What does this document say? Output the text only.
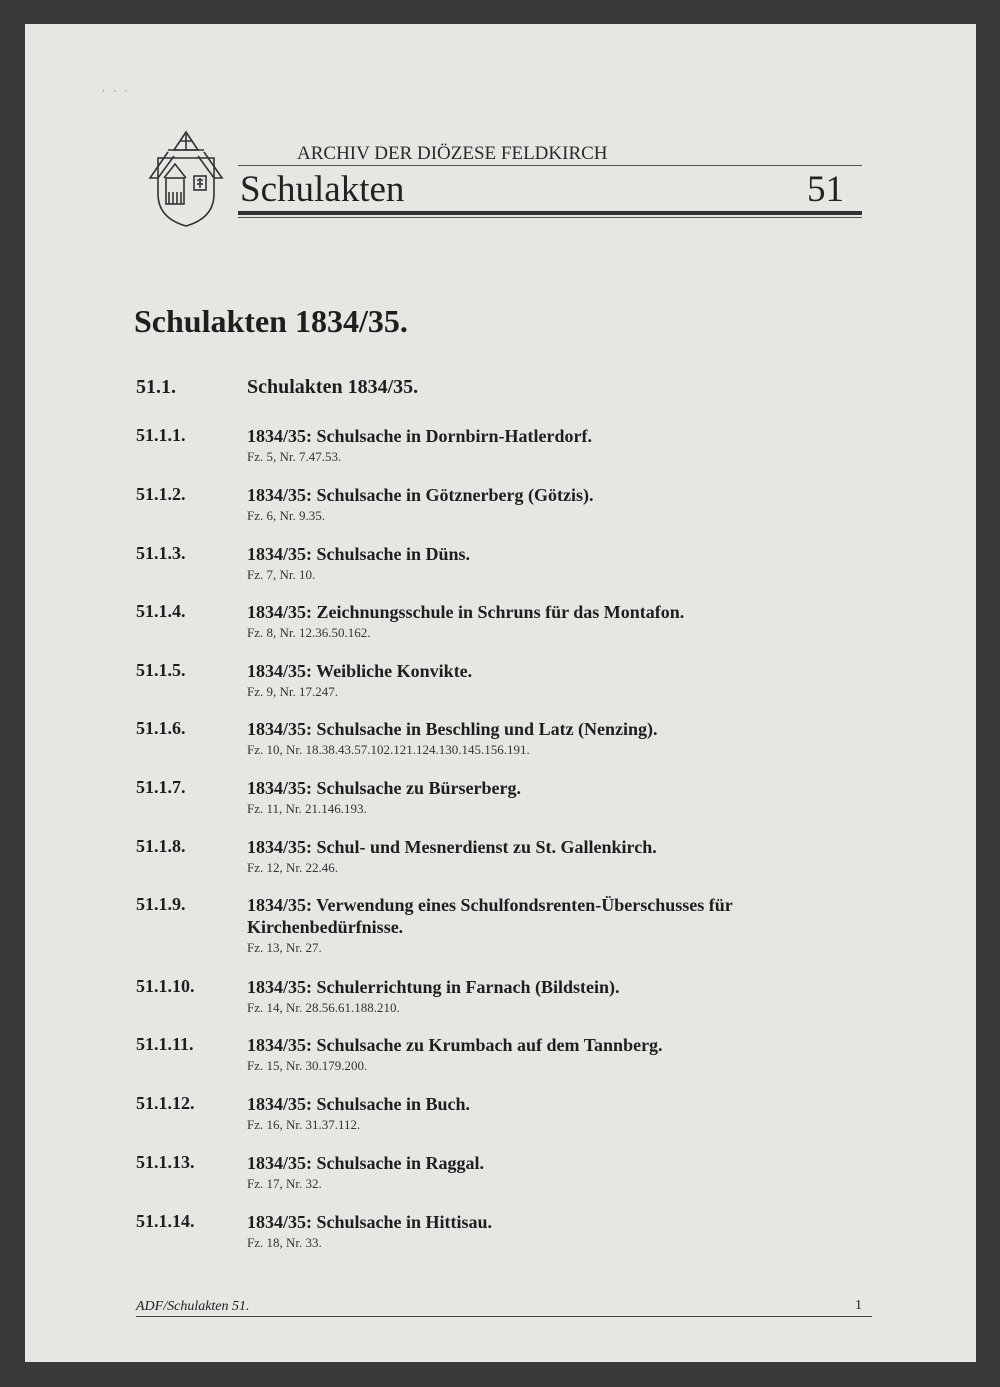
· · ·
ARCHIV DER DIÖZESE FELDKIRCH
Schulakten	51
Schulakten 1834/35.
51.1.	Schulakten 1834/35.
51.1.1.	1834/35: Schulsache in Dornbirn-Hatlerdorf.
Fz. 5, Nr. 7.47.53.
51.1.2.	1834/35: Schulsache in Götznerberg (Götzis).
Fz. 6, Nr. 9.35.
51.1.3.	1834/35: Schulsache in Düns.
Fz. 7, Nr. 10.
51.1.4.	1834/35: Zeichnungsschule in Schruns für das Montafon.
Fz. 8, Nr. 12.36.50.162.
51.1.5.	1834/35: Weibliche Konvikte.
Fz. 9, Nr. 17.247.
51.1.6.	1834/35: Schulsache in Beschling und Latz (Nenzing).
Fz. 10, Nr. 18.38.43.57.102.121.124.130.145.156.191.
51.1.7.	1834/35: Schulsache zu Bürserberg.
Fz. 11, Nr. 21.146.193.
51.1.8.	1834/35: Schul- und Mesnerdienst zu St. Gallenkirch.
Fz. 12, Nr. 22.46.
51.1.9.	1834/35: Verwendung eines Schulfondsrenten-Überschusses für Kirchenbedürfnisse.
Fz. 13, Nr. 27.
51.1.10.	1834/35: Schulerrichtung in Farnach (Bildstein).
Fz. 14, Nr. 28.56.61.188.210.
51.1.11.	1834/35: Schulsache zu Krumbach auf dem Tannberg.
Fz. 15, Nr. 30.179.200.
51.1.12.	1834/35: Schulsache in Buch.
Fz. 16, Nr. 31.37.112.
51.1.13.	1834/35: Schulsache in Raggal.
Fz. 17, Nr. 32.
51.1.14.	1834/35: Schulsache in Hittisau.
Fz. 18, Nr. 33.
ADF/Schulakten 51.	1
